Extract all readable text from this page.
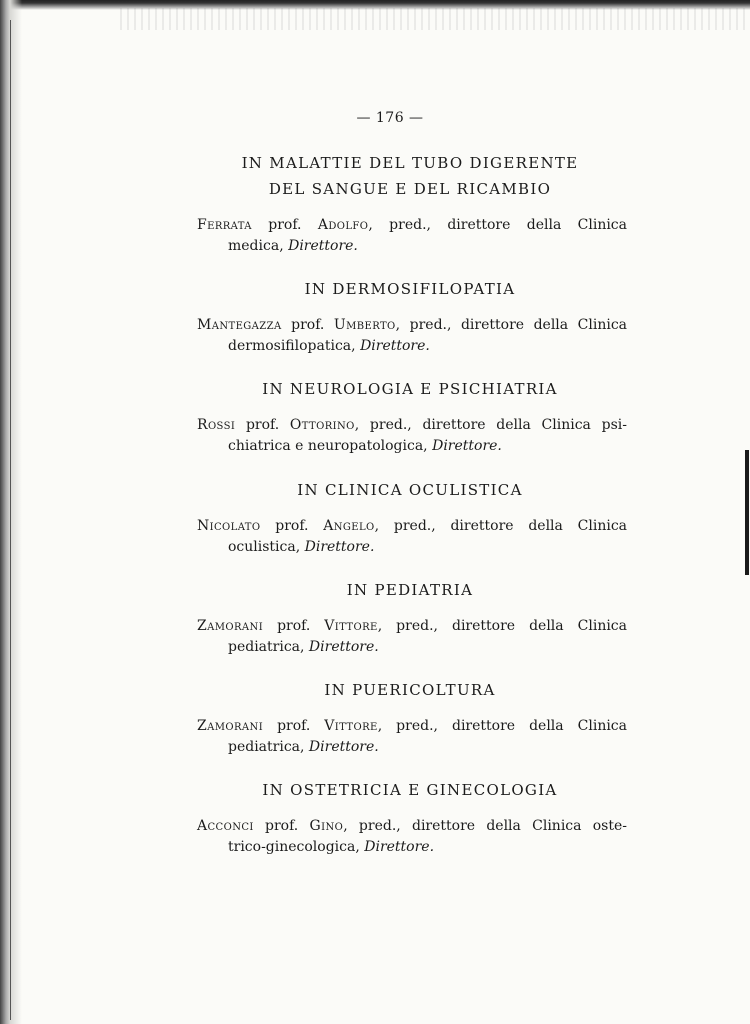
— 176 —
IN MALATTIE DEL TUBO DIGERENTE
DEL SANGUE E DEL RICAMBIO
Ferrata prof. Adolfo, pred., direttore della Clinica
medica, Direttore.
IN DERMOSIFILOPATIA
Mantegazza prof. Umberto, pred., direttore della Clinica
dermosifilopatica, Direttore.
IN NEUROLOGIA E PSICHIATRIA
Rossi prof. Ottorino, pred., direttore della Clinica psi-
chiatrica e neuropatologica, Direttore.
IN CLINICA OCULISTICA
Nicolato prof. Angelo, pred., direttore della Clinica
oculistica, Direttore.
IN PEDIATRIA
Zamorani prof. Vittore, pred., direttore della Clinica
pediatrica, Direttore.
IN PUERICOLTURA
Zamorani prof. Vittore, pred., direttore della Clinica
pediatrica, Direttore.
IN OSTETRICIA E GINECOLOGIA
Acconci prof. Gino, pred., direttore della Clinica oste-
trico-ginecologica, Direttore.
